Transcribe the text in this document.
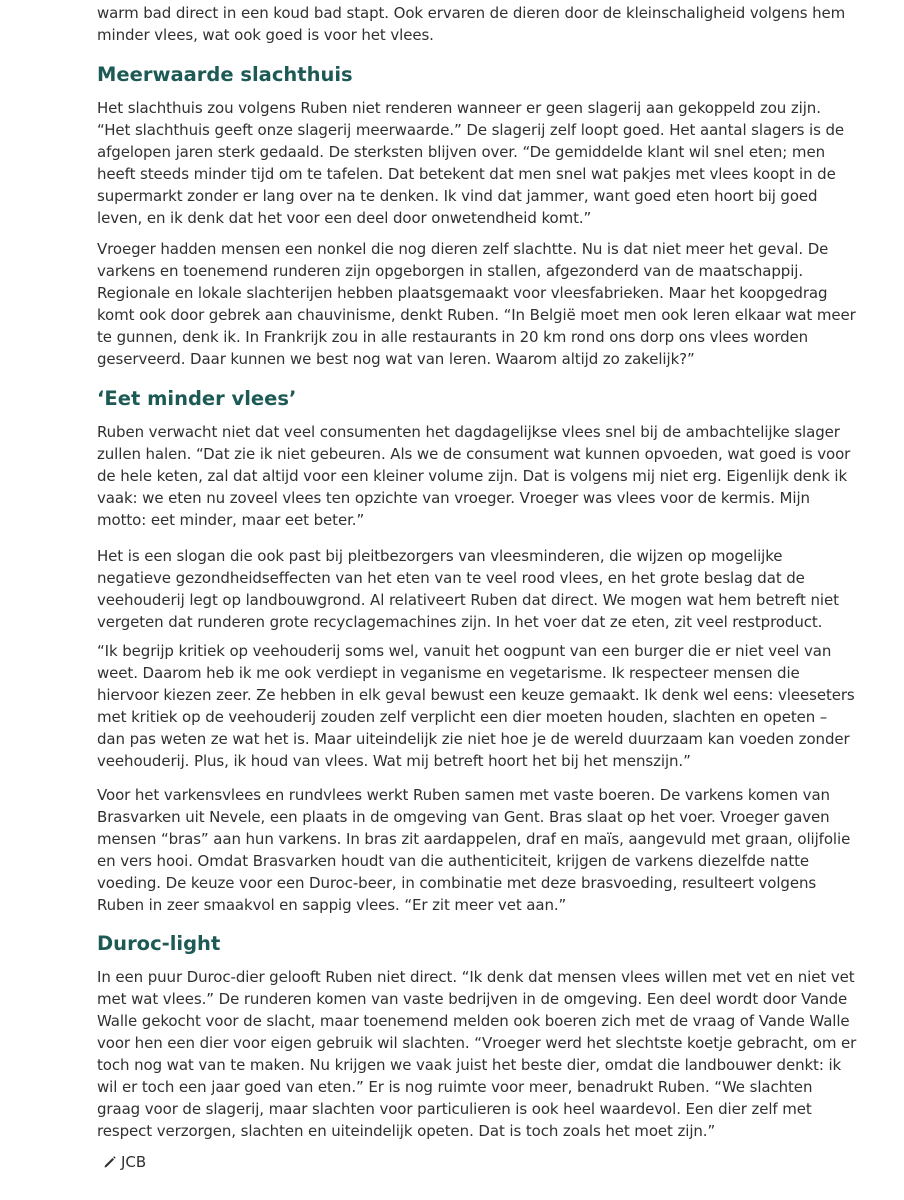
warm bad direct in een koud bad stapt. Ook ervaren de dieren door de kleinschaligheid volgens hem minder vlees, wat ook goed is voor het vlees.

Meerwaarde slachthuis

Het slachthuis zou volgens Ruben niet renderen wanneer er geen slagerij aan gekoppeld zou zijn. “Het slachthuis geeft onze slagerij meerwaarde.” De slagerij zelf loopt goed. Het aantal slagers is de afgelopen jaren sterk gedaald. De sterksten blijven over. “De gemiddelde klant wil snel eten; men heeft steeds minder tijd om te tafelen. Dat betekent dat men snel wat pakjes met vlees koopt in de supermarkt zonder er lang over na te denken. Ik vind dat jammer, want goed eten hoort bij goed leven, en ik denk dat het voor een deel door onwetendheid komt.”

Vroeger hadden mensen een nonkel die nog dieren zelf slachtte. Nu is dat niet meer het geval. De varkens en toenemend runderen zijn opgeborgen in stallen, afgezonderd van de maatschappij. Regionale en lokale slachterijen hebben plaatsgemaakt voor vleesfabrieken. Maar het koopgedrag komt ook door gebrek aan chauvinisme, denkt Ruben. “In België moet men ook leren elkaar wat meer te gunnen, denk ik. In Frankrijk zou in alle restaurants in 20 km rond ons dorp ons vlees worden geserveerd. Daar kunnen we best nog wat van leren. Waarom altijd zo zakelijk?”

‘Eet minder vlees’

Ruben verwacht niet dat veel consumenten het dagdagelijkse vlees snel bij de ambachtelijke slager zullen halen. “Dat zie ik niet gebeuren. Als we de consument wat kunnen opvoeden, wat goed is voor de hele keten, zal dat altijd voor een kleiner volume zijn. Dat is volgens mij niet erg. Eigenlijk denk ik vaak: we eten nu zoveel vlees ten opzichte van vroeger. Vroeger was vlees voor de kermis. Mijn motto: eet minder, maar eet beter.”

Het is een slogan die ook past bij pleitbezorgers van vleesminderen, die wijzen op mogelijke negatieve gezondheidseffecten van het eten van te veel rood vlees, en het grote beslag dat de veehouderij legt op landbouwgrond. Al relativeert Ruben dat direct. We mogen wat hem betreft niet vergeten dat runderen grote recyclagemachines zijn. In het voer dat ze eten, zit veel restproduct.

“Ik begrijp kritiek op veehouderij soms wel, vanuit het oogpunt van een burger die er niet veel van weet. Daarom heb ik me ook verdiept in veganisme en vegetarisme. Ik respecteer mensen die hiervoor kiezen zeer. Ze hebben in elk geval bewust een keuze gemaakt. Ik denk wel eens: vleeseters met kritiek op de veehouderij zouden zelf verplicht een dier moeten houden, slachten en opeten – dan pas weten ze wat het is. Maar uiteindelijk zie niet hoe je de wereld duurzaam kan voeden zonder veehouderij. Plus, ik houd van vlees. Wat mij betreft hoort het bij het menszijn.”

Voor het varkensvlees en rundvlees werkt Ruben samen met vaste boeren. De varkens komen van Brasvarken uit Nevele, een plaats in de omgeving van Gent. Bras slaat op het voer. Vroeger gaven mensen “bras” aan hun varkens. In bras zit aardappelen, draf en maïs, aangevuld met graan, olijfolie en vers hooi. Omdat Brasvarken houdt van die authenticiteit, krijgen de varkens diezelfde natte voeding. De keuze voor een Duroc-beer, in combinatie met deze brasvoeding, resulteert volgens Ruben in zeer smaakvol en sappig vlees. “Er zit meer vet aan.”

Duroc-light

In een puur Duroc-dier gelooft Ruben niet direct. “Ik denk dat mensen vlees willen met vet en niet vet met wat vlees.” De runderen komen van vaste bedrijven in de omgeving. Een deel wordt door Vande Walle gekocht voor de slacht, maar toenemend melden ook boeren zich met de vraag of Vande Walle voor hen een dier voor eigen gebruik wil slachten. “Vroeger werd het slechtste koetje gebracht, om er toch nog wat van te maken. Nu krijgen we vaak juist het beste dier, omdat die landbouwer denkt: ik wil er toch een jaar goed van eten.” Er is nog ruimte voor meer, benadrukt Ruben. “We slachten graag voor de slagerij, maar slachten voor particulieren is ook heel waardevol. Een dier zelf met respect verzorgen, slachten en uiteindelijk opeten. Dat is toch zoals het moet zijn.”

JCB
